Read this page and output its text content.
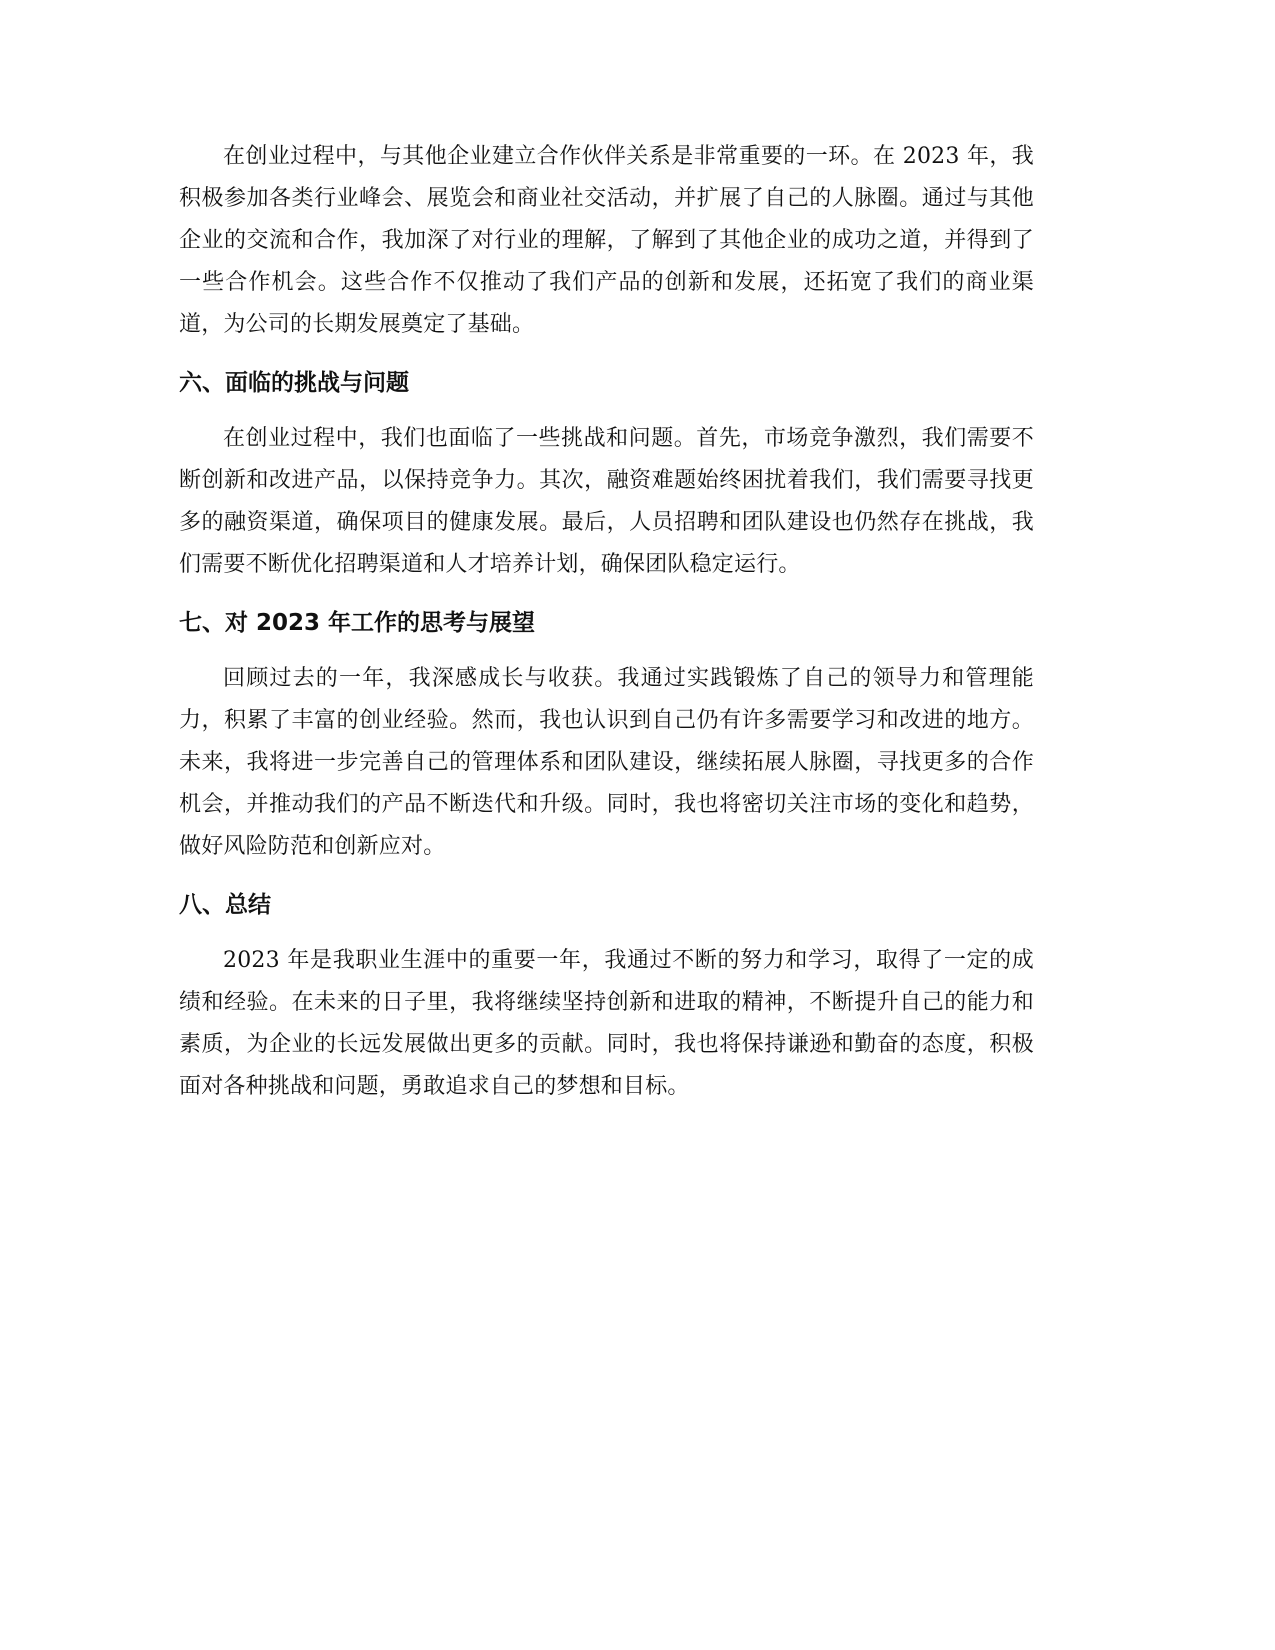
在创业过程中，与其他企业建立合作伙伴关系是非常重要的一环。在 2023 年，我积极参加各类行业峰会、展览会和商业社交活动，并扩展了自己的人脉圈。通过与其他企业的交流和合作，我加深了对行业的理解，了解到了其他企业的成功之道，并得到了一些合作机会。这些合作不仅推动了我们产品的创新和发展，还拓宽了我们的商业渠道，为公司的长期发展奠定了基础。

六、面临的挑战与问题

在创业过程中，我们也面临了一些挑战和问题。首先，市场竞争激烈，我们需要不断创新和改进产品，以保持竞争力。其次，融资难题始终困扰着我们，我们需要寻找更多的融资渠道，确保项目的健康发展。最后，人员招聘和团队建设也仍然存在挑战，我们需要不断优化招聘渠道和人才培养计划，确保团队稳定运行。

七、对 2023 年工作的思考与展望

回顾过去的一年，我深感成长与收获。我通过实践锻炼了自己的领导力和管理能力，积累了丰富的创业经验。然而，我也认识到自己仍有许多需要学习和改进的地方。未来，我将进一步完善自己的管理体系和团队建设，继续拓展人脉圈，寻找更多的合作机会，并推动我们的产品不断迭代和升级。同时，我也将密切关注市场的变化和趋势，做好风险防范和创新应对。

八、总结

2023 年是我职业生涯中的重要一年，我通过不断的努力和学习，取得了一定的成绩和经验。在未来的日子里，我将继续坚持创新和进取的精神，不断提升自己的能力和素质，为企业的长远发展做出更多的贡献。同时，我也将保持谦逊和勤奋的态度，积极面对各种挑战和问题，勇敢追求自己的梦想和目标。
